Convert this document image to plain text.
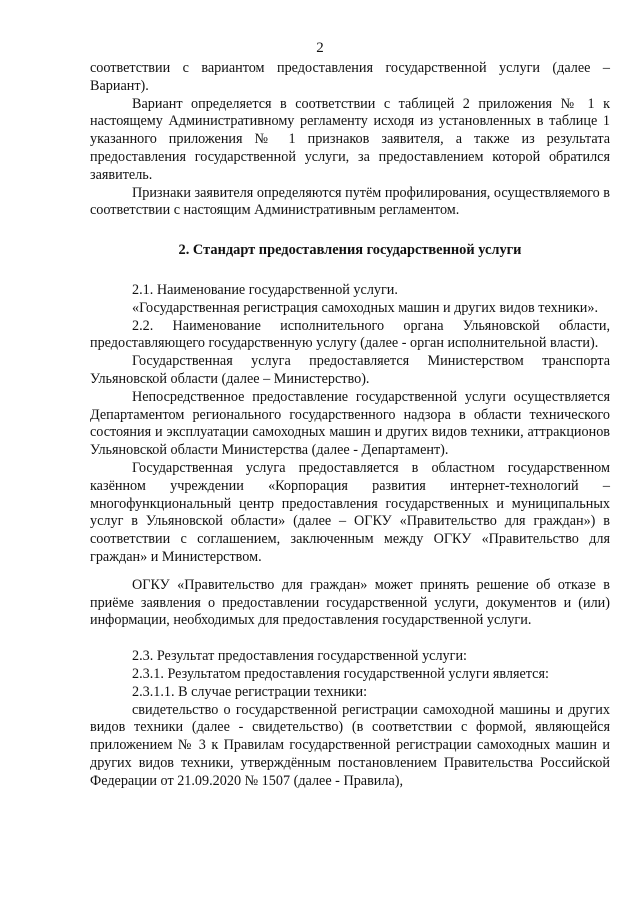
2

соответствии с вариантом предоставления государственной услуги (далее – Вариант).

Вариант определяется в соответствии с таблицей 2 приложения № 1 к настоящему Административному регламенту исходя из установленных в таблице 1 указанного приложения № 1 признаков заявителя, а также из результата предоставления государственной услуги, за предоставлением которой обратился заявитель.

Признаки заявителя определяются путём профилирования, осуществляемого в соответствии с настоящим Административным регламентом.

2. Стандарт предоставления государственной услуги

2.1. Наименование государственной услуги.

«Государственная регистрация самоходных машин и других видов техники».

2.2. Наименование исполнительного органа Ульяновской области, предоставляющего государственную услугу (далее - орган исполнительной власти).

Государственная услуга предоставляется Министерством транспорта Ульяновской области (далее – Министерство).

Непосредственное предоставление государственной услуги осуществляется Департаментом регионального государственного надзора в области технического состояния и эксплуатации самоходных машин и других видов техники, аттракционов Ульяновской области Министерства (далее - Департамент).

Государственная услуга предоставляется в областном государственном казённом учреждении «Корпорация развития интернет-технологий – многофункциональный центр предоставления государственных и муниципальных услуг в Ульяновской области» (далее – ОГКУ «Правительство для граждан») в соответствии с соглашением, заключенным между ОГКУ «Правительство для граждан» и Министерством.

ОГКУ «Правительство для граждан» может принять решение об отказе в приёме заявления о предоставлении государственной услуги, документов и (или) информации, необходимых для предоставления государственной услуги.

2.3. Результат предоставления государственной услуги:

2.3.1. Результатом предоставления государственной услуги является:

2.3.1.1. В случае регистрации техники:

свидетельство о государственной регистрации самоходной машины и других видов техники (далее - свидетельство) (в соответствии с формой, являющейся приложением № 3 к Правилам государственной регистрации самоходных машин и других видов техники, утверждённым постановлением Правительства Российской Федерации от 21.09.2020 № 1507 (далее - Правила),
